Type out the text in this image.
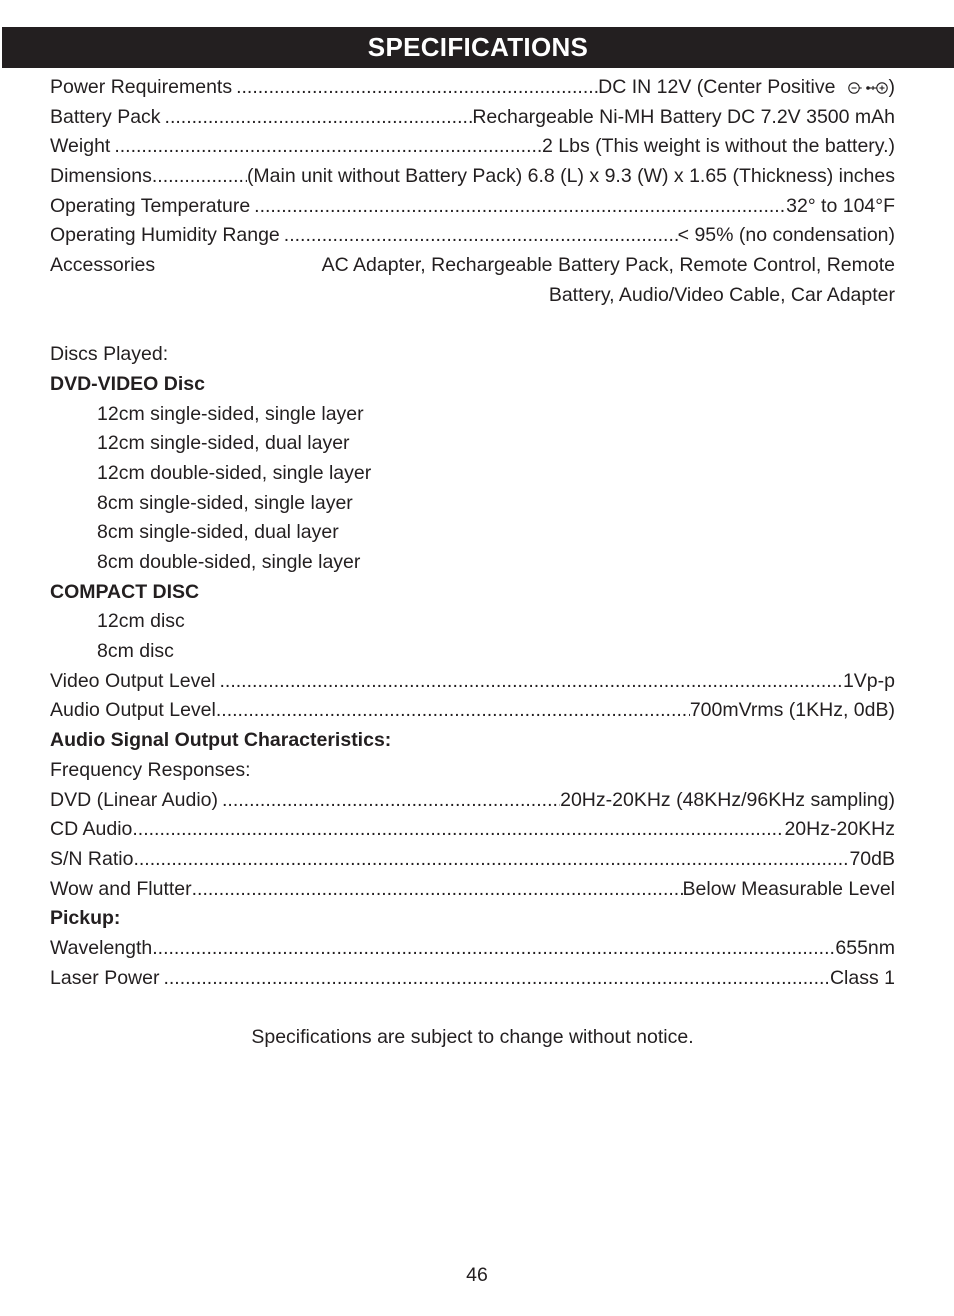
SPECIFICATIONS
Power Requirements .....	DC IN 12V (Center Positive	)
Battery Pack .....	Rechargeable Ni-MH Battery DC 7.2V 3500 mAh
Weight .....	2 Lbs (This weight is without the battery.)
Dimensions .....	(Main unit without Battery Pack) 6.8 (L) x 9.3 (W) x 1.65 (Thickness) inches
Operating Temperature .....	32° to 104°F
Operating Humidity Range .....	< 95% (no condensation)
Accessories	AC Adapter, Rechargeable Battery Pack, Remote Control, Remote
Battery, Audio/Video Cable, Car Adapter
Discs Played:
DVD-VIDEO Disc
12cm single-sided, single layer
12cm single-sided, dual layer
12cm double-sided, single layer
8cm single-sided, single layer
8cm single-sided, dual layer
8cm double-sided, single layer
COMPACT DISC
12cm disc
8cm disc
Video Output Level .....	1Vp-p
Audio Output Level .....	700mVrms (1KHz, 0dB)
Audio Signal Output Characteristics:
Frequency Responses:
DVD (Linear Audio) .....	20Hz-20KHz (48KHz/96KHz sampling)
CD Audio .....	20Hz-20KHz
S/N Ratio .....	70dB
Wow and Flutter .....	Below Measurable Level
Pickup:
Wavelength .....	655nm
Laser Power .....	Class 1
Specifications are subject to change without notice.
46
